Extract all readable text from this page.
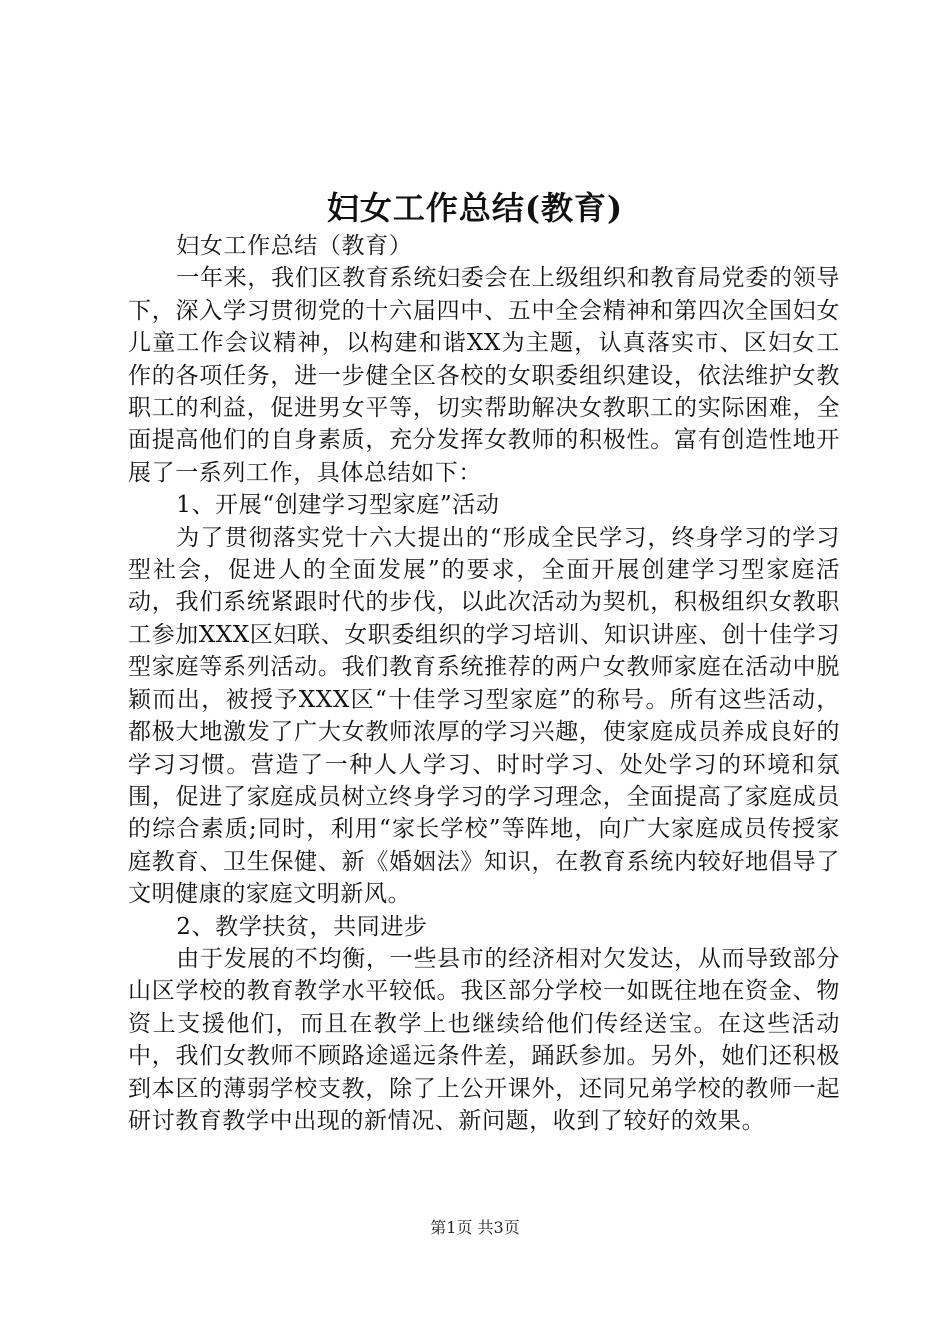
妇女工作总结(教育)

妇女工作总结（教育）

一年来，我们区教育系统妇委会在上级组织和教育局党委的领导下，深入学习贯彻党的十六届四中、五中全会精神和第四次全国妇女儿童工作会议精神，以构建和谐XX为主题，认真落实市、区妇女工作的各项任务，进一步健全区各校的女职委组织建设，依法维护女教职工的利益，促进男女平等，切实帮助解决女教职工的实际困难，全面提高他们的自身素质，充分发挥女教师的积极性。富有创造性地开展了一系列工作，具体总结如下：

1、开展“创建学习型家庭”活动

为了贯彻落实党十六大提出的“形成全民学习，终身学习的学习型社会，促进人的全面发展”的要求，全面开展创建学习型家庭活动，我们系统紧跟时代的步伐，以此次活动为契机，积极组织女教职工参加XXX区妇联、女职委组织的学习培训、知识讲座、创十佳学习型家庭等系列活动。我们教育系统推荐的两户女教师家庭在活动中脱颖而出，被授予XXX区“十佳学习型家庭”的称号。所有这些活动，都极大地激发了广大女教师浓厚的学习兴趣，使家庭成员养成良好的学习习惯。营造了一种人人学习、时时学习、处处学习的环境和氛围，促进了家庭成员树立终身学习的学习理念，全面提高了家庭成员的综合素质;同时，利用“家长学校”等阵地，向广大家庭成员传授家庭教育、卫生保健、新《婚姻法》知识，在教育系统内较好地倡导了文明健康的家庭文明新风。

2、教学扶贫，共同进步

由于发展的不均衡，一些县市的经济相对欠发达，从而导致部分山区学校的教育教学水平较低。我区部分学校一如既往地在资金、物资上支援他们，而且在教学上也继续给他们传经送宝。在这些活动中，我们女教师不顾路途遥远条件差，踊跃参加。另外，她们还积极到本区的薄弱学校支教，除了上公开课外，还同兄弟学校的教师一起研讨教育教学中出现的新情况、新问题，收到了较好的效果。

第1页 共3页
